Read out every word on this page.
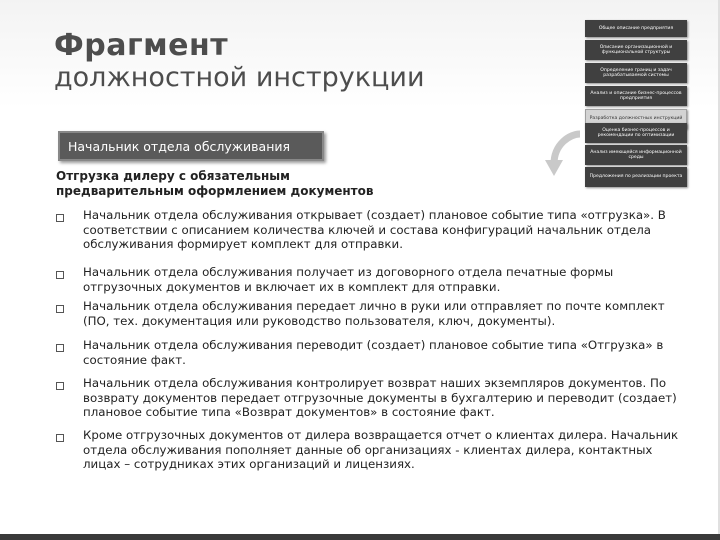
Фрагмент
должностной инструкции
Общее описание предприятия
Описание организационной и функциональной структуры
Определение границ и задач разрабатываемой системы
Анализ и описание бизнес-процессов предприятия
Разработка должностных инструкций
Оценка бизнес-процессов и рекомендации по оптимизации
Анализ имеющейся информационной среды
Предложения по реализации проекта
Начальник отдела обслуживания
Отгрузка дилеру с обязательным предварительным оформлением документов
Начальник отдела обслуживания открывает (создает) плановое событие типа «отгрузка». В соответствии с описанием количества ключей и состава конфигураций начальник отдела обслуживания формирует комплект для отправки.
Начальник отдела обслуживания получает из договорного отдела печатные формы отгрузочных документов и включает их в комплект для отправки.
Начальник отдела обслуживания передает лично в руки или отправляет по почте комплект (ПО, тех. документация или руководство пользователя, ключ, документы).
Начальник отдела обслуживания переводит (создает) плановое событие типа «Отгрузка» в состояние факт.
Начальник отдела обслуживания контролирует возврат наших экземпляров документов. По возврату документов передает отгрузочные документы в бухгалтерию и переводит (создает) плановое событие типа «Возврат документов» в состояние факт.
Кроме отгрузочных документов от дилера возвращается отчет о клиентах дилера. Начальник отдела обслуживания пополняет данные об организациях - клиентах дилера, контактных лицах – сотрудниках этих организаций и лицензиях.
